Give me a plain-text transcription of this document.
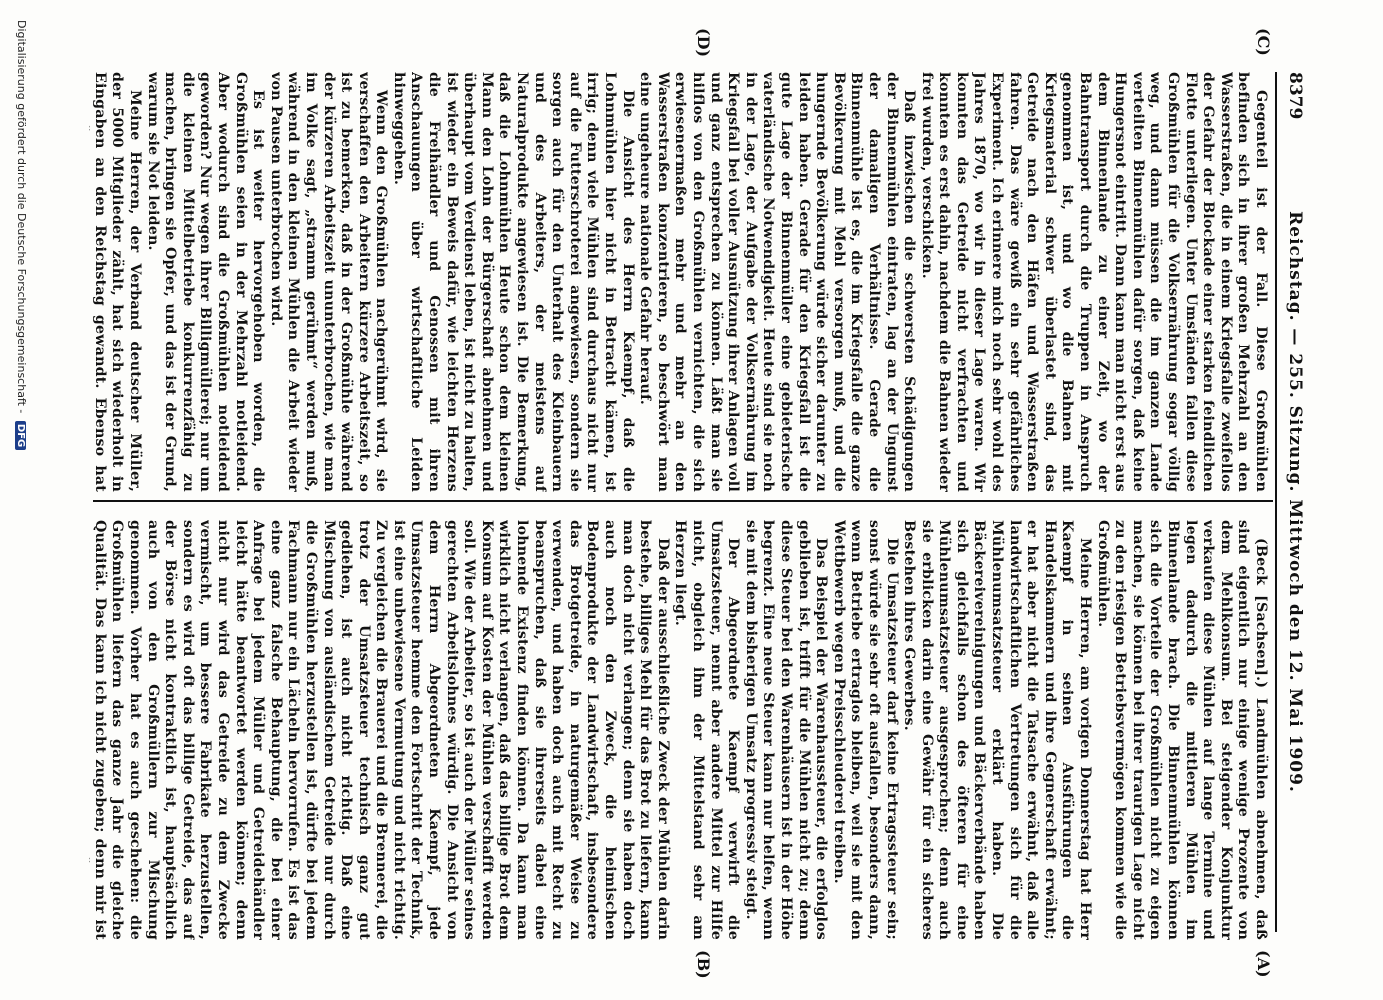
8379
Reichstag. — 255. Sitzung. Mittwoch den 12. Mai 1909.
(C)
(D)
(A)
(B)

Gegenteil ist der Fall. Diese Großmühlen befinden sich in ihrer großen Mehrzahl an den Wasserstraßen, die in einem Kriegsfalle zweifellos der Gefahr der Blockade einer starken feindlichen Flotte unterliegen. Unter Umständen fallen diese Großmühlen für die Volksernährung sogar völlig weg, und dann müssen die im ganzen Lande verteilten Binnenmühlen dafür sorgen, daß keine Hungersnot eintritt. Dann kann man nicht erst aus dem Binnenlande zu einer Zeit, wo der Bahntransport durch die Truppen in Anspruch genommen ist, und wo die Bahnen mit Kriegsmaterial schwer überlastet sind, das Getreide nach den Häfen und Wasserstraßen fahren. Das wäre gewiß ein sehr gefährliches Experiment. Ich erinnere mich noch sehr wohl des Jahres 1870, wo wir in dieser Lage waren. Wir konnten das Getreide nicht verfrachten und konnten es erst dahin, nachdem die Bahnen wieder frei wurden, verschicken.

Daß inzwischen die schwersten Schädigungen der Binnenmühlen eintraten, lag an der Ungunst der damaligen Verhältnisse. Gerade die Binnenmühle ist es, die im Kriegsfalle die ganze Bevölkerung mit Mehl versorgen muß, und die hungernde Bevölkerung würde sicher darunter zu leiden haben. Gerade für den Kriegsfall ist die gute Lage der Binnenmüller eine gebieterische vaterländische Notwendigkeit. Heute sind sie noch in der Lage, der Aufgabe der Volksernährung im Kriegsfall bei voller Ausnützung ihrer Anlagen voll und ganz entsprechen zu können. Läßt man sie hilflos von den Großmühlen vernichten, die sich erwiesenermaßen mehr und mehr an den Wasserstraßen konzentrieren, so beschwört man eine ungeheure nationale Gefahr herauf.

Die Ansicht des Herrn Kaempf, daß die Lohnmühlen hier nicht in Betracht kämen, ist irrig; denn viele Mühlen sind durchaus nicht nur auf die Futterschroterei angewiesen, sondern sie sorgen auch für den Unterhalt des Kleinbauern und des Arbeiters, der meistens auf Naturalprodukte angewiesen ist. Die Bemerkung, daß die Lohnmühlen Heute schon dem kleinen Mann den Lohn der Bürgerschaft abnehmen und überhaupt vom Verdienst leben, ist nicht zu halten, ist wieder ein Beweis dafür, wie leichten Herzens die Freihändler und Genossen mit ihren Anschauungen über wirtschaftliche Leiden hinweggehen.

Wenn den Großmühlen nachgerühmt wird, sie verschaffen den Arbeitern kürzere Arbeitszeit, so ist zu bemerken, daß in der Großmühle während der kürzeren Arbeitszeit ununterbrochen, wie man im Volke sagt, „stramm gerühmt“ werden muß, während in den kleinen Mühlen die Arbeit wieder von Pausen unterbrochen wird.

Es ist weiter hervorgehoben worden, die Großmühlen seien in der Mehrzahl notleidend. Aber wodurch sind die Großmühlen notleidend geworden? Nur wegen ihrer Billigmüllerei; nur um die kleinen Mittelbetriebe konkurrenzfähig zu machen, bringen sie Opfer, und das ist der Grund, warum sie Not leiden.

Meine Herren, der Verband deutscher Müller, der 5000 Mitglieder zählt, hat sich wiederholt in Eingaben an den Reichstag gewandt. Ebenso hat

(Beck [Sachsen].) Landmühlen abnehmen, daß sind eigentlich nur einige wenige Prozente von dem Mehlkonsum. Bei steigender Konjunktur verkaufen diese Mühlen auf lange Termine und legen dadurch die mittleren Mühlen im Binnenlande brach. Die Binnenmühlen können sich die Vorteile der Großmühlen nicht zu eigen machen, sie können bei ihrer traurigen Lage nicht zu den riesigen Betriebsvermögen kommen wie die Großmühlen.

Meine Herren, am vorigen Donnerstag hat Herr Kaempf in seinen Ausführungen die Handelskammern und ihre Gegnerschaft erwähnt; er hat aber nicht die Tatsache erwähnt, daß alle landwirtschaftlichen Vertretungen sich für die Mühlenumsatzsteuer erklärt haben. Die Bäckereivereinigungen und Bäckerverbände haben sich gleichfalls schon des öfteren für eine Mühlenumsatzsteuer ausgesprochen; denn auch sie erblicken darin eine Gewähr für ein sicheres Bestehen ihres Gewerbes.

Die Umsatzsteuer darf keine Ertragssteuer sein; sonst würde sie sehr oft ausfallen, besonders dann, wenn Betriebe ertraglos bleiben, weil sie mit den Wettbewerb wegen Preisschleuderei treiben.

Das Beispiel der Warenhaussteuer, die erfolglos geblieben ist, trifft für die Mühlen nicht zu; denn diese Steuer bei den Warenhäusern ist in der Höhe begrenzt. Eine neue Steuer kann nur helfen, wenn sie mit dem bisherigen Umsatz progressiv steigt.

Der Abgeordnete Kaempf verwirft die Umsatzsteuer, nennt aber andere Mittel zur Hilfe nicht, obgleich ihm der Mittelstand sehr am Herzen liegt.

Daß der ausschließliche Zweck der Mühlen darin bestehe, billiges Mehl für das Brot zu liefern, kann man doch nicht verlangen; denn sie haben doch auch noch den Zweck, die heimischen Bodenprodukte der Landwirtschaft, insbesondere das Brotgetreide, in naturgemäßer Weise zu verwenden, und haben doch auch mit Recht zu beanspruchen, daß sie ihrerseits dabei eine lohnende Existenz finden können. Da kann man wirklich nicht verlangen, daß das billige Brot dem Konsum auf Kosten der Mühlen verschafft werden soll. Wie der Arbeiter, so ist auch der Müller seines gerechten Arbeitslohnes würdig. Die Ansicht von dem Herrn Abgeordneten Kaempf, jede Umsatzsteuer hemme den Fortschritt der Technik, ist eine unbewiesene Vermutung und nicht richtig. Zu vergleichen die Brauerei und die Brennerei, die trotz der Umsatzsteuer technisch ganz gut gediehen, ist auch nicht richtig. Daß eine Mischung von ausländischem Getreide nur durch die Großmühlen herzustellen ist, dürfte bei jedem Fachmann nur ein Lächeln hervorrufen. Es ist das eine ganz falsche Behauptung, die bei einer Anfrage bei jedem Müller und Getreidehändler leicht hätte beantwortet werden können; denn nicht nur wird das Getreide zu dem Zwecke vermischt, um bessere Fabrikate herzustellen, sondern es wird oft das billige Getreide, das auf der Börse nicht kontraktlich ist, hauptsächlich auch von den Großmüllern zur Mischung genommen. Vorher hat es auch geschehen: die Großmühlen liefern das ganze Jahr die gleiche Qualität. Das kann ich nicht zugeben; denn mir ist

Digitalisierung gefördert durch die Deutsche Forschungsgemeinschaft - DFG
